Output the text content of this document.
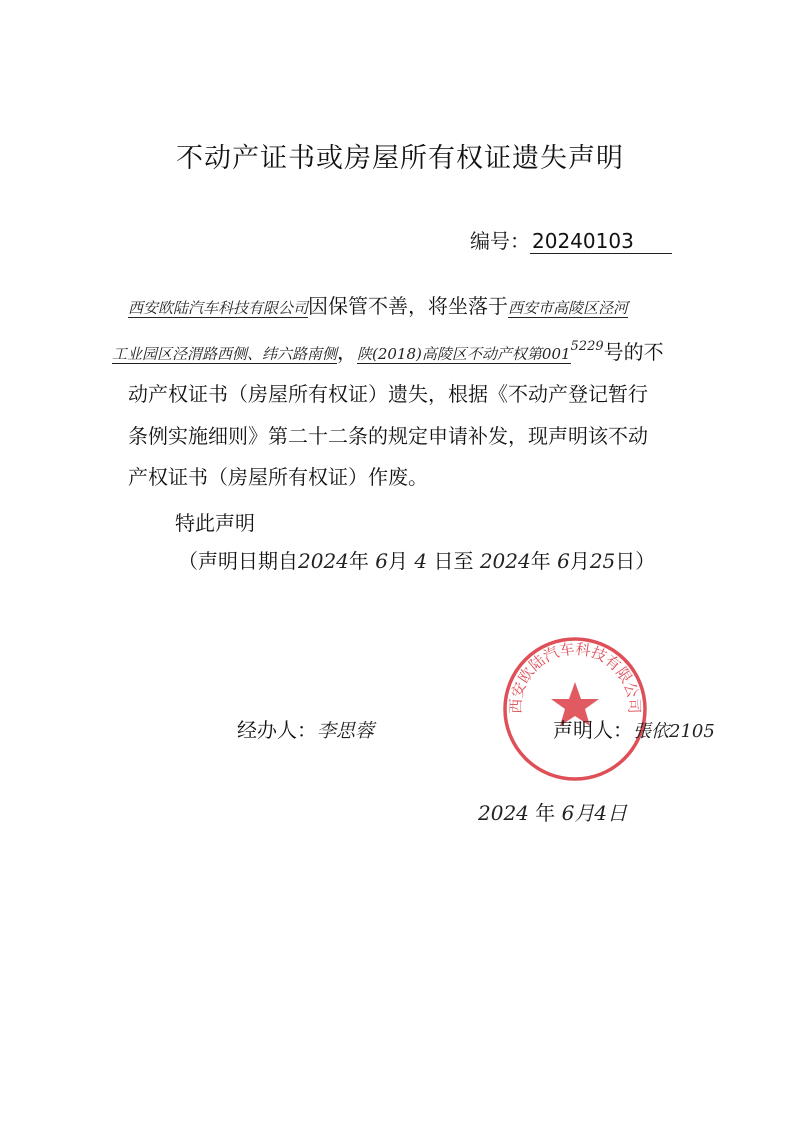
不动产证书或房屋所有权证遗失声明
编号： 20240103
西安欧陆汽车科技有限公司因保管不善，将坐落于西安市高陵区泾河
工业园区泾渭路西侧、纬六路南侧，陕(2018)高陵区不动产权第$001^{5229}$号的不
动产权证书（房屋所有权证）遗失，根据《不动产登记暂行
条例实施细则》第二十二条的规定申请补发，现声明该不动
产权证书（房屋所有权证）作废。
特此声明
（声明日期自2024年 6月 4 日至 2024年 6月25日）
西安欧陆汽车科技有限公司
经办人：李思蓉	声明人：張依2105
2024 年 6月4日
